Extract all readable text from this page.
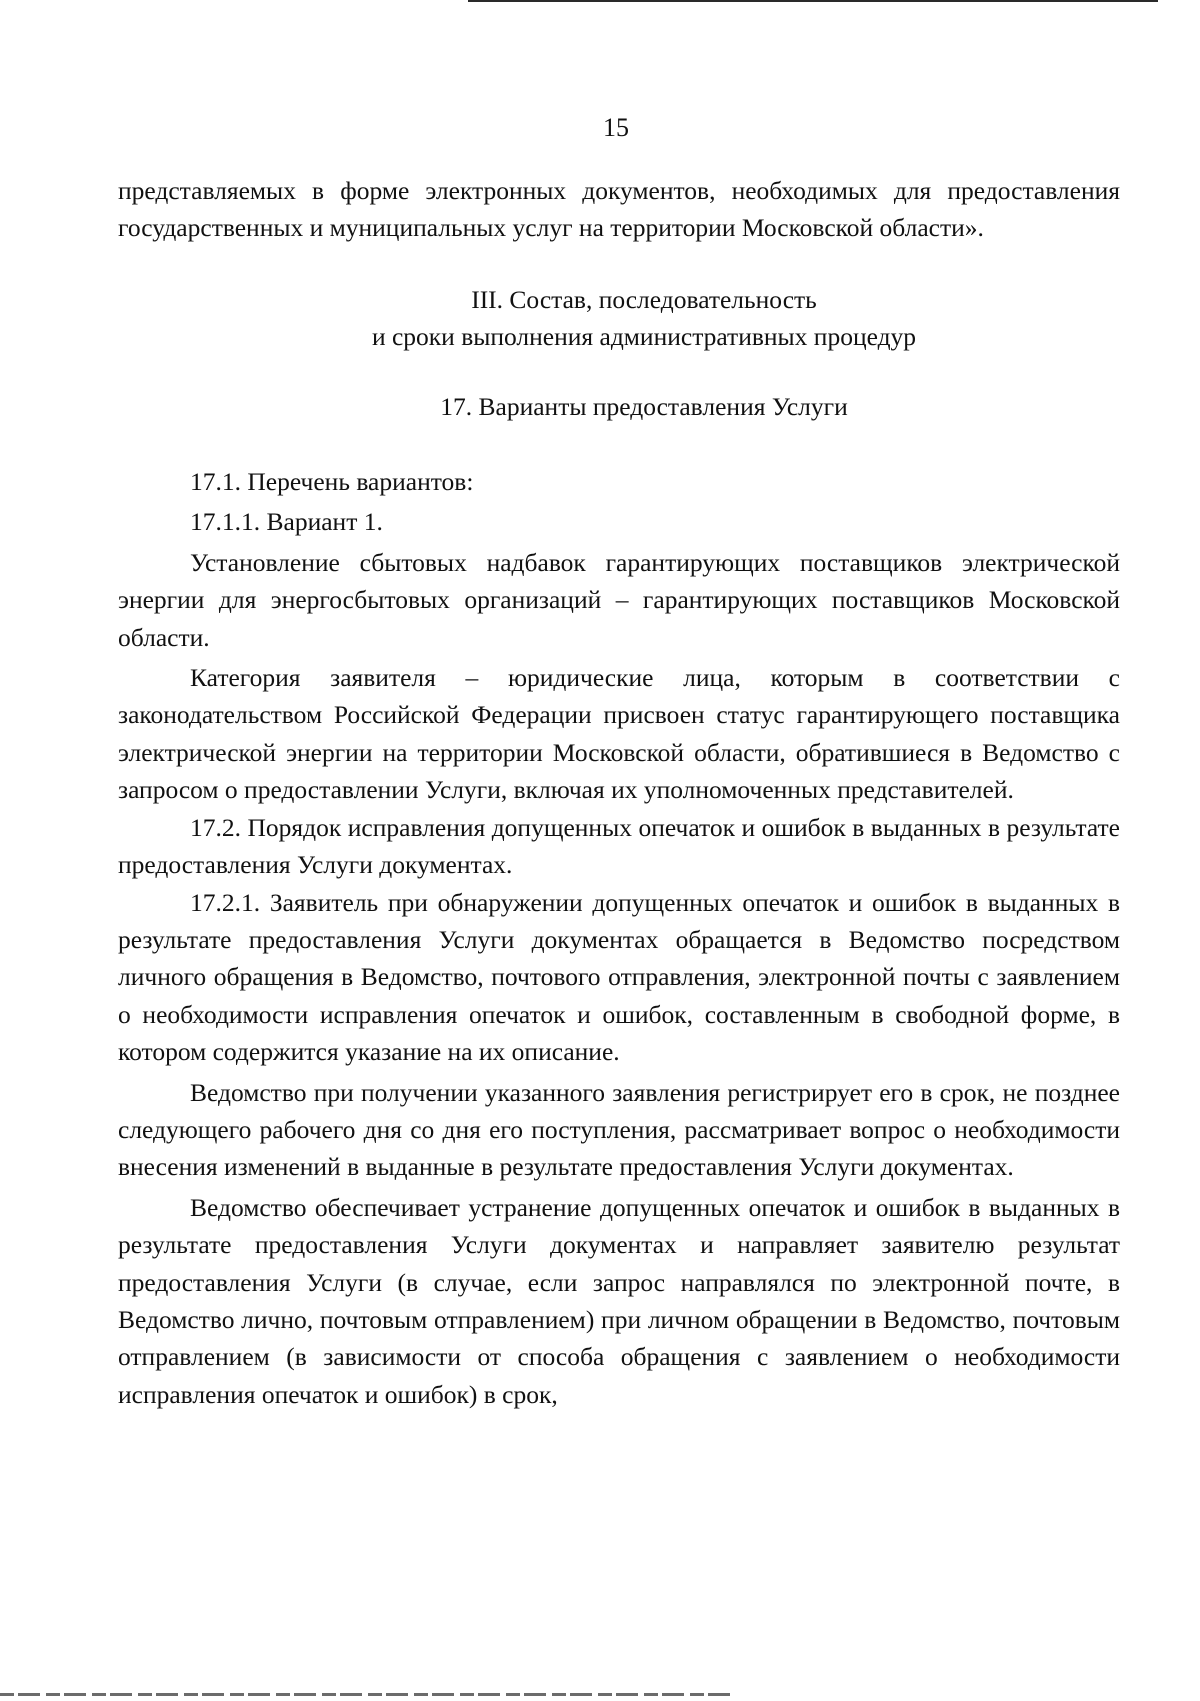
15

представляемых в форме электронных документов, необходимых для предоставления государственных и муниципальных услуг на территории Московской области».

III. Состав, последовательность

и сроки выполнения административных процедур

17. Варианты предоставления Услуги

17.1. Перечень вариантов:

17.1.1. Вариант 1.

Установление сбытовых надбавок гарантирующих поставщиков электрической энергии для энергосбытовых организаций – гарантирующих поставщиков Московской области.

Категория заявителя – юридические лица, которым в соответствии с законодательством Российской Федерации присвоен статус гарантирующего поставщика электрической энергии на территории Московской области, обратившиеся в Ведомство с запросом о предоставлении Услуги, включая их уполномоченных представителей.

17.2. Порядок исправления допущенных опечаток и ошибок в выданных в результате предоставления Услуги документах.

17.2.1. Заявитель при обнаружении допущенных опечаток и ошибок в выданных в результате предоставления Услуги документах обращается в Ведомство посредством личного обращения в Ведомство, почтового отправления, электронной почты с заявлением о необходимости исправления опечаток и ошибок, составленным в свободной форме, в котором содержится указание на их описание.

Ведомство при получении указанного заявления регистрирует его в срок, не позднее следующего рабочего дня со дня его поступления, рассматривает вопрос о необходимости внесения изменений в выданные в результате предоставления Услуги документах.

Ведомство обеспечивает устранение допущенных опечаток и ошибок в выданных в результате предоставления Услуги документах и направляет заявителю результат предоставления Услуги (в случае, если запрос направлялся по электронной почте, в Ведомство лично, почтовым отправлением) при личном обращении в Ведомство, почтовым отправлением (в зависимости от способа обращения с заявлением о необходимости исправления опечаток и ошибок) в срок,
